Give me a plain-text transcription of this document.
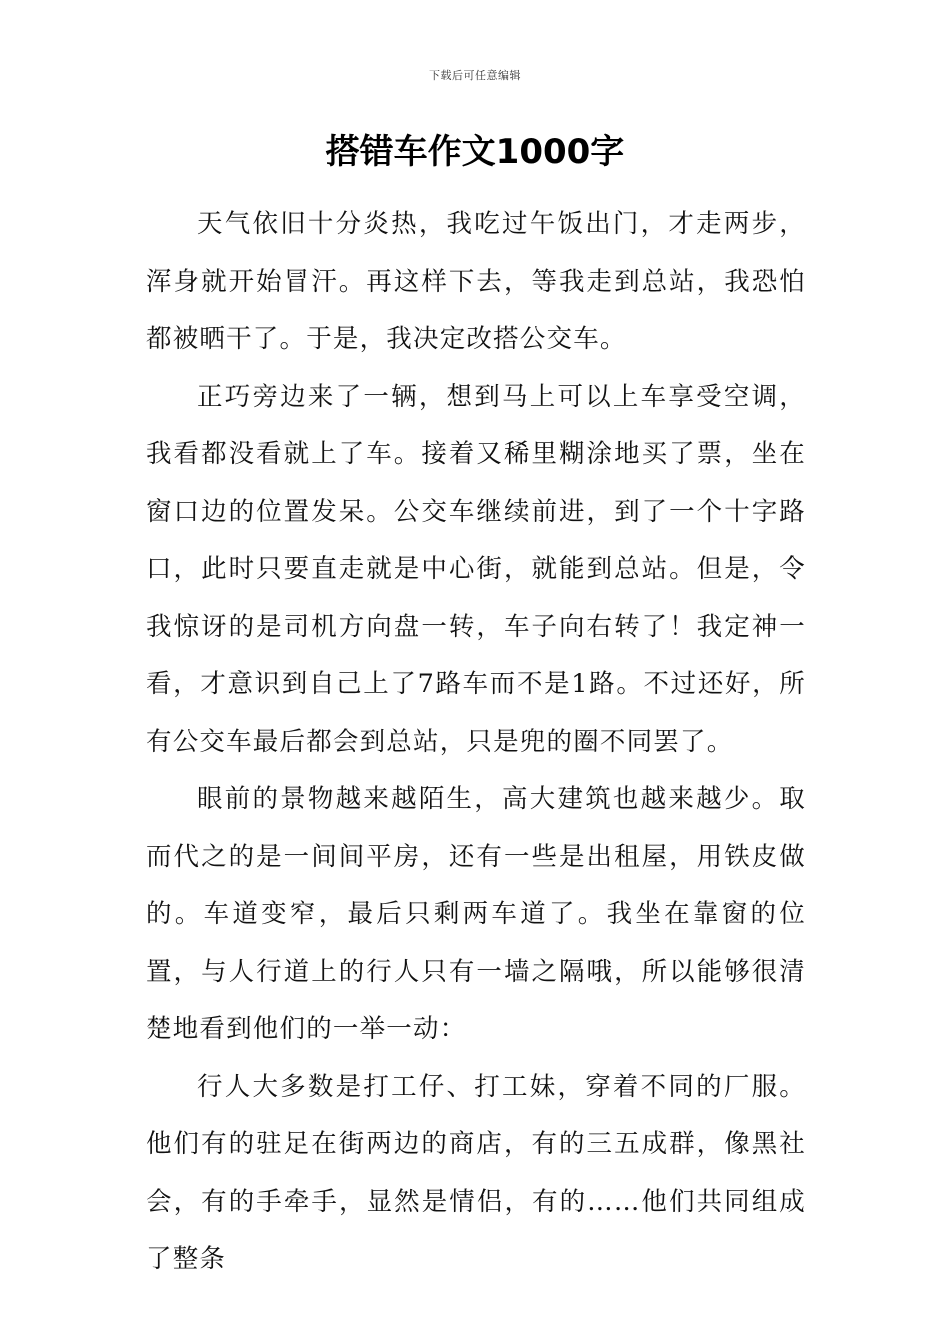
下载后可任意编辑
搭错车作文1000字

天气依旧十分炎热，我吃过午饭出门，才走两步，浑身就开始冒汗。再这样下去，等我走到总站，我恐怕都被晒干了。于是，我决定改搭公交车。

正巧旁边来了一辆，想到马上可以上车享受空调，我看都没看就上了车。接着又稀里糊涂地买了票，坐在窗口边的位置发呆。公交车继续前进，到了一个十字路口，此时只要直走就是中心街，就能到总站。但是，令我惊讶的是司机方向盘一转，车子向右转了！我定神一看，才意识到自己上了7路车而不是1路。不过还好，所有公交车最后都会到总站，只是兜的圈不同罢了。

眼前的景物越来越陌生，高大建筑也越来越少。取而代之的是一间间平房，还有一些是出租屋，用铁皮做的。车道变窄，最后只剩两车道了。我坐在靠窗的位置，与人行道上的行人只有一墙之隔哦，所以能够很清楚地看到他们的一举一动：

行人大多数是打工仔、打工妹，穿着不同的厂服。他们有的驻足在街两边的商店，有的三五成群，像黑社会，有的手牵手，显然是情侣，有的……他们共同组成了整条
